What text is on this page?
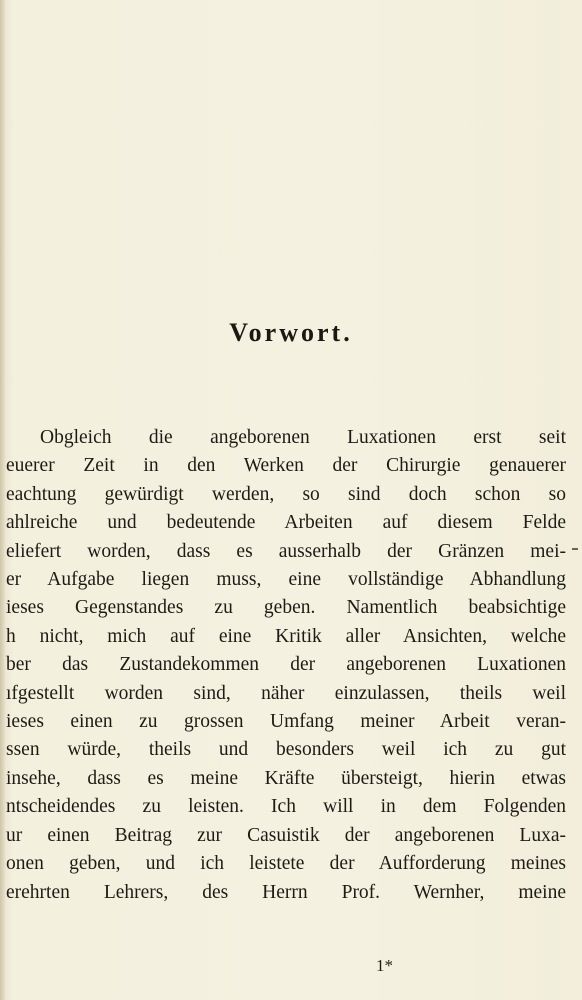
Vorwort.

Obgleich die angeborenen Luxationen erst seit
euerer Zeit in den Werken der Chirurgie genauerer
eachtung gewürdigt werden, so sind doch schon so
ahlreiche und bedeutende Arbeiten auf diesem Felde
eliefert worden, dass es ausserhalb der Gränzen mei-
er Aufgabe liegen muss, eine vollständige Abhandlung
ieses Gegenstandes zu geben. Namentlich beabsichtige
h nicht, mich auf eine Kritik aller Ansichten, welche
ber das Zustandekommen der angeborenen Luxationen
ıfgestellt worden sind, näher einzulassen, theils weil
ieses einen zu grossen Umfang meiner Arbeit veran-
ssen würde, theils und besonders weil ich zu gut
insehe, dass es meine Kräfte übersteigt, hierin etwas
ntscheidendes zu leisten. Ich will in dem Folgenden
ur einen Beitrag zur Casuistik der angeborenen Luxa-
onen geben, und ich leistete der Aufforderung meines
erehrten Lehrers, des Herrn Prof. Wernher, meine

1*
